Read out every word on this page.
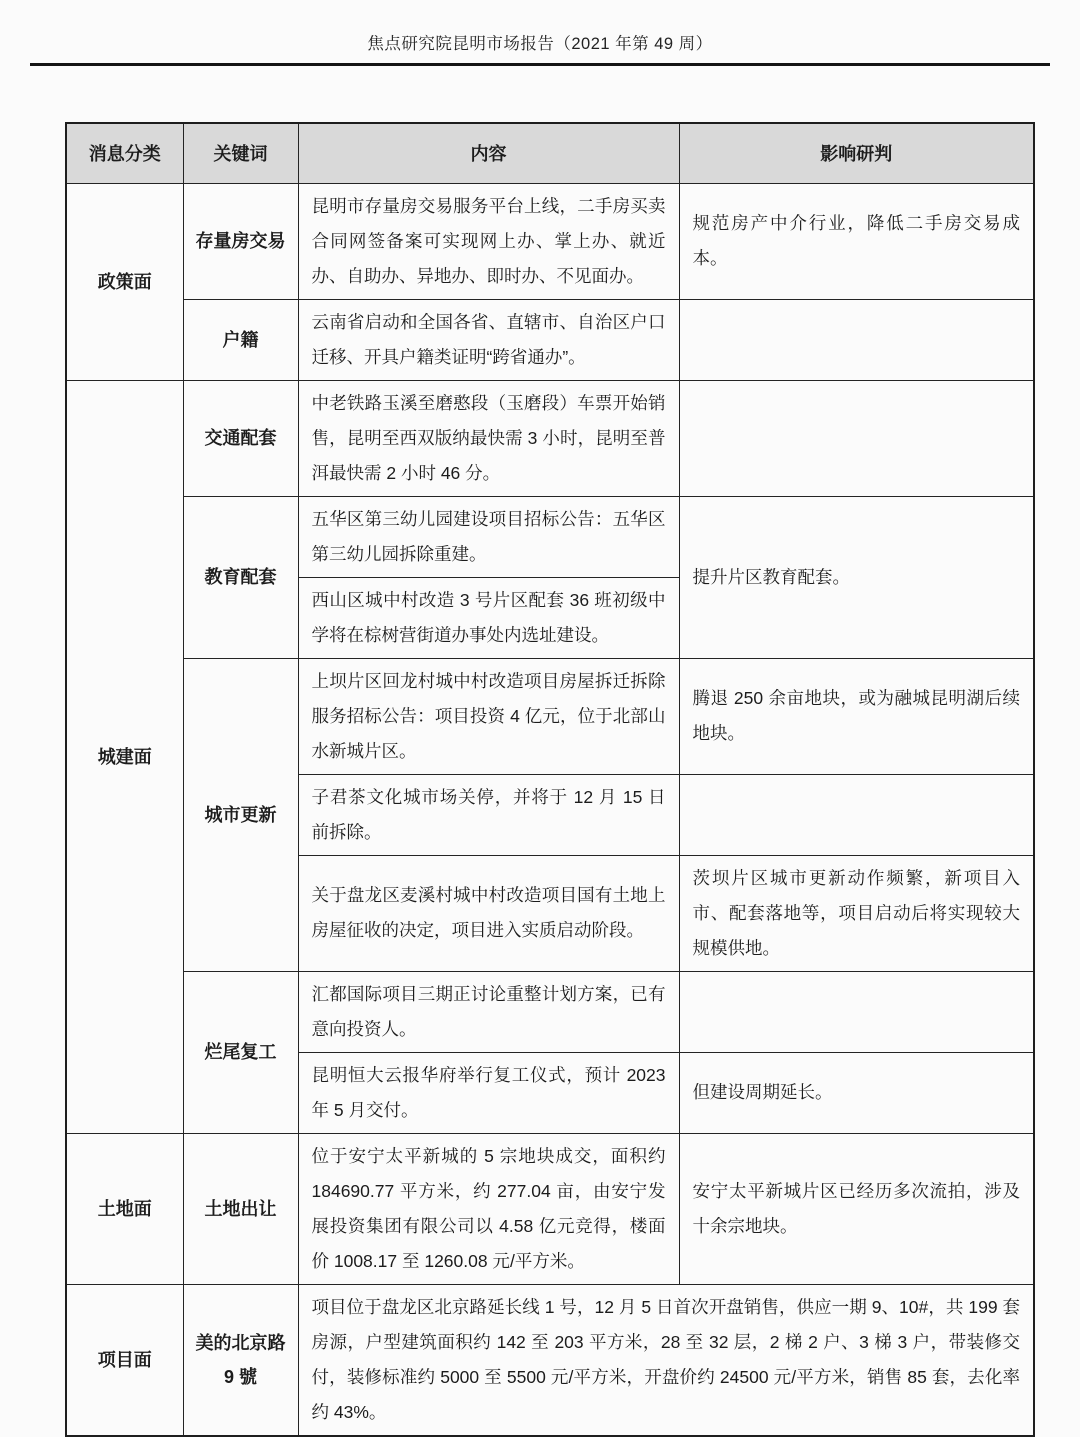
焦点研究院昆明市场报告（2021 年第 49 周）
消息分类	关键词	内容	影响研判
政策面	存量房交易	昆明市存量房交易服务平台上线，二手房买卖合同网签备案可实现网上办、掌上办、就近办、自助办、异地办、即时办、不见面办。	规范房产中介行业，降低二手房交易成本。
	户籍	云南省启动和全国各省、直辖市、自治区户口迁移、开具户籍类证明“跨省通办”。	
城建面	交通配套	中老铁路玉溪至磨憨段（玉磨段）车票开始销售，昆明至西双版纳最快需 3 小时，昆明至普洱最快需 2 小时 46 分。	
	教育配套	五华区第三幼儿园建设项目招标公告：五华区第三幼儿园拆除重建。	提升片区教育配套。
		西山区城中村改造 3 号片区配套 36 班初级中学将在棕树营街道办事处内选址建设。	
	城市更新	上坝片区回龙村城中村改造项目房屋拆迁拆除服务招标公告：项目投资 4 亿元，位于北部山水新城片区。	腾退 250 余亩地块，或为融城昆明湖后续地块。
		子君茶文化城市场关停，并将于 12 月 15 日前拆除。	
		关于盘龙区麦溪村城中村改造项目国有土地上房屋征收的决定，项目进入实质启动阶段。	茨坝片区城市更新动作频繁，新项目入市、配套落地等，项目启动后将实现较大规模供地。
	烂尾复工	汇都国际项目三期正讨论重整计划方案，已有意向投资人。	
		昆明恒大云报华府举行复工仪式，预计 2023 年 5 月交付。	但建设周期延长。
土地面	土地出让	位于安宁太平新城的 5 宗地块成交，面积约 184690.77 平方米，约 277.04 亩，由安宁发展投资集团有限公司以 4.58 亿元竞得，楼面价 1008.17 至 1260.08 元/平方米。	安宁太平新城片区已经历多次流拍，涉及十余宗地块。
项目面	美的北京路 9 號	项目位于盘龙区北京路延长线 1 号，12 月 5 日首次开盘销售，供应一期 9、10#，共 199 套房源，户型建筑面积约 142 至 203 平方米，28 至 32 层，2 梯 2 户、3 梯 3 户，带装修交付，装修标准约 5000 至 5500 元/平方米，开盘价约 24500 元/平方米，销售 85 套，去化率约 43%。	
